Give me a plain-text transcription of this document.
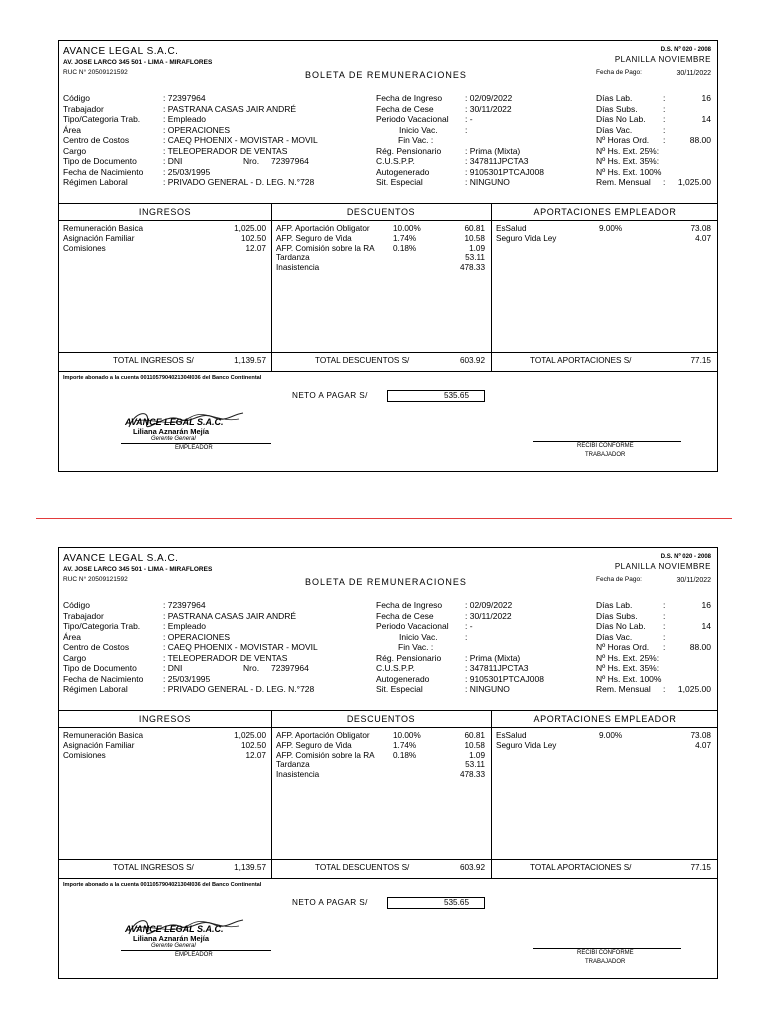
AVANCE LEGAL S.A.C.
AV. JOSE LARCO 345 501 - LIMA - MIRAFLORES
RUC N° 20509121592
D.S. Nº 020 - 2008
PLANILLA NOVIEMBRE
Fecha de Pago:	30/11/2022
BOLETA DE REMUNERACIONES
Código	: 72397964
Trabajador	: PASTRANA CASAS JAIR ANDRÉ
Tipo/Categoria Trab.	: Empleado
Área	: OPERACIONES
Centro de Costos	: CAEQ PHOENIX - MOVISTAR - MOVIL
Cargo	: TELEOPERADOR DE VENTAS
Tipo de Documento	: DNI
Fecha de Nacimiento : 25/03/1995
Régimen Laboral	: PRIVADO GENERAL - D. LEG. N.°728
Nro. 72397964
Fecha de Ingreso	: 02/09/2022
Fecha de Cese	: 30/11/2022
Periodo Vacacional : -
Inicio Vac.	:
Fin Vac. :
Rég. Pensionario	: Prima (Mixta)
C.U.S.P.P.	: 347811JPCTA3
Autogenerado	: 9105301PTCAJ008
Sit. Especial	: NINGUNO
Días Lab.	:	16
Días Subs.	:
Días No Lab. :	14
Días Vac.	:
Nº Horas Ord. :	88.00
Nº Hs. Ext. 25%:
Nº Hs. Ext. 35%:
Nº Hs. Ext. 100%
Rem. Mensual : 1,025.00
INGRESOS	DESCUENTOS	APORTACIONES EMPLEADOR
Remuneración Basica	1,025.00
Asignación Familiar	102.50
Comisiones	12.07
AFP. Aportación Obligator	10.00%	60.81
AFP. Seguro de Vida	1.74%	10.58
AFP. Comisión sobre la RA 0.18%	1.09
Tardanza	53.11
Inasistencia	478.33
EsSalud	9.00%	73.08
Seguro Vida Ley	4.07
TOTAL INGRESOS S/	1,139.57	TOTAL DESCUENTOS S/	603.92	TOTAL APORTACIONES S/	77.15
Importe abonado a la cuenta 0011057904021304I036 del Banco Continental
NETO A PAGAR S/	535.65
AVANCE LEGAL S.A.C.
Liliana Aznarán Mejía
Gerente General
EMPLEADOR	RECIBI CONFORME
TRABAJADOR
AVANCE LEGAL S.A.C.
AV. JOSE LARCO 345 501 - LIMA - MIRAFLORES
RUC N° 20509121592
D.S. Nº 020 - 2008
PLANILLA NOVIEMBRE
Fecha de Pago:	30/11/2022
BOLETA DE REMUNERACIONES
Código	: 72397964
Trabajador	: PASTRANA CASAS JAIR ANDRÉ
Tipo/Categoria Trab.	: Empleado
Área	: OPERACIONES
Centro de Costos	: CAEQ PHOENIX - MOVISTAR - MOVIL
Cargo	: TELEOPERADOR DE VENTAS
Tipo de Documento	: DNI
Fecha de Nacimiento : 25/03/1995
Régimen Laboral	: PRIVADO GENERAL - D. LEG. N.°728
Nro. 72397964
Fecha de Ingreso	: 02/09/2022
Fecha de Cese	: 30/11/2022
Periodo Vacacional : -
Inicio Vac.	:
Fin Vac. :
Rég. Pensionario	: Prima (Mixta)
C.U.S.P.P.	: 347811JPCTA3
Autogenerado	: 9105301PTCAJ008
Sit. Especial	: NINGUNO
Días Lab.	:	16
Días Subs.	:
Días No Lab. :	14
Días Vac.	:
Nº Horas Ord. :	88.00
Nº Hs. Ext. 25%:
Nº Hs. Ext. 35%:
Nº Hs. Ext. 100%
Rem. Mensual : 1,025.00
INGRESOS	DESCUENTOS	APORTACIONES EMPLEADOR
Remuneración Basica	1,025.00
Asignación Familiar	102.50
Comisiones	12.07
AFP. Aportación Obligator	10.00%	60.81
AFP. Seguro de Vida	1.74%	10.58
AFP. Comisión sobre la RA 0.18%	1.09
Tardanza	53.11
Inasistencia	478.33
EsSalud	9.00%	73.08
Seguro Vida Ley	4.07
TOTAL INGRESOS S/	1,139.57	TOTAL DESCUENTOS S/	603.92	TOTAL APORTACIONES S/	77.15
Importe abonado a la cuenta 0011057904021304I036 del Banco Continental
NETO A PAGAR S/	535.65
AVANCE LEGAL S.A.C.
Liliana Aznarán Mejía
Gerente General
EMPLEADOR	RECIBI CONFORME
TRABAJADOR
